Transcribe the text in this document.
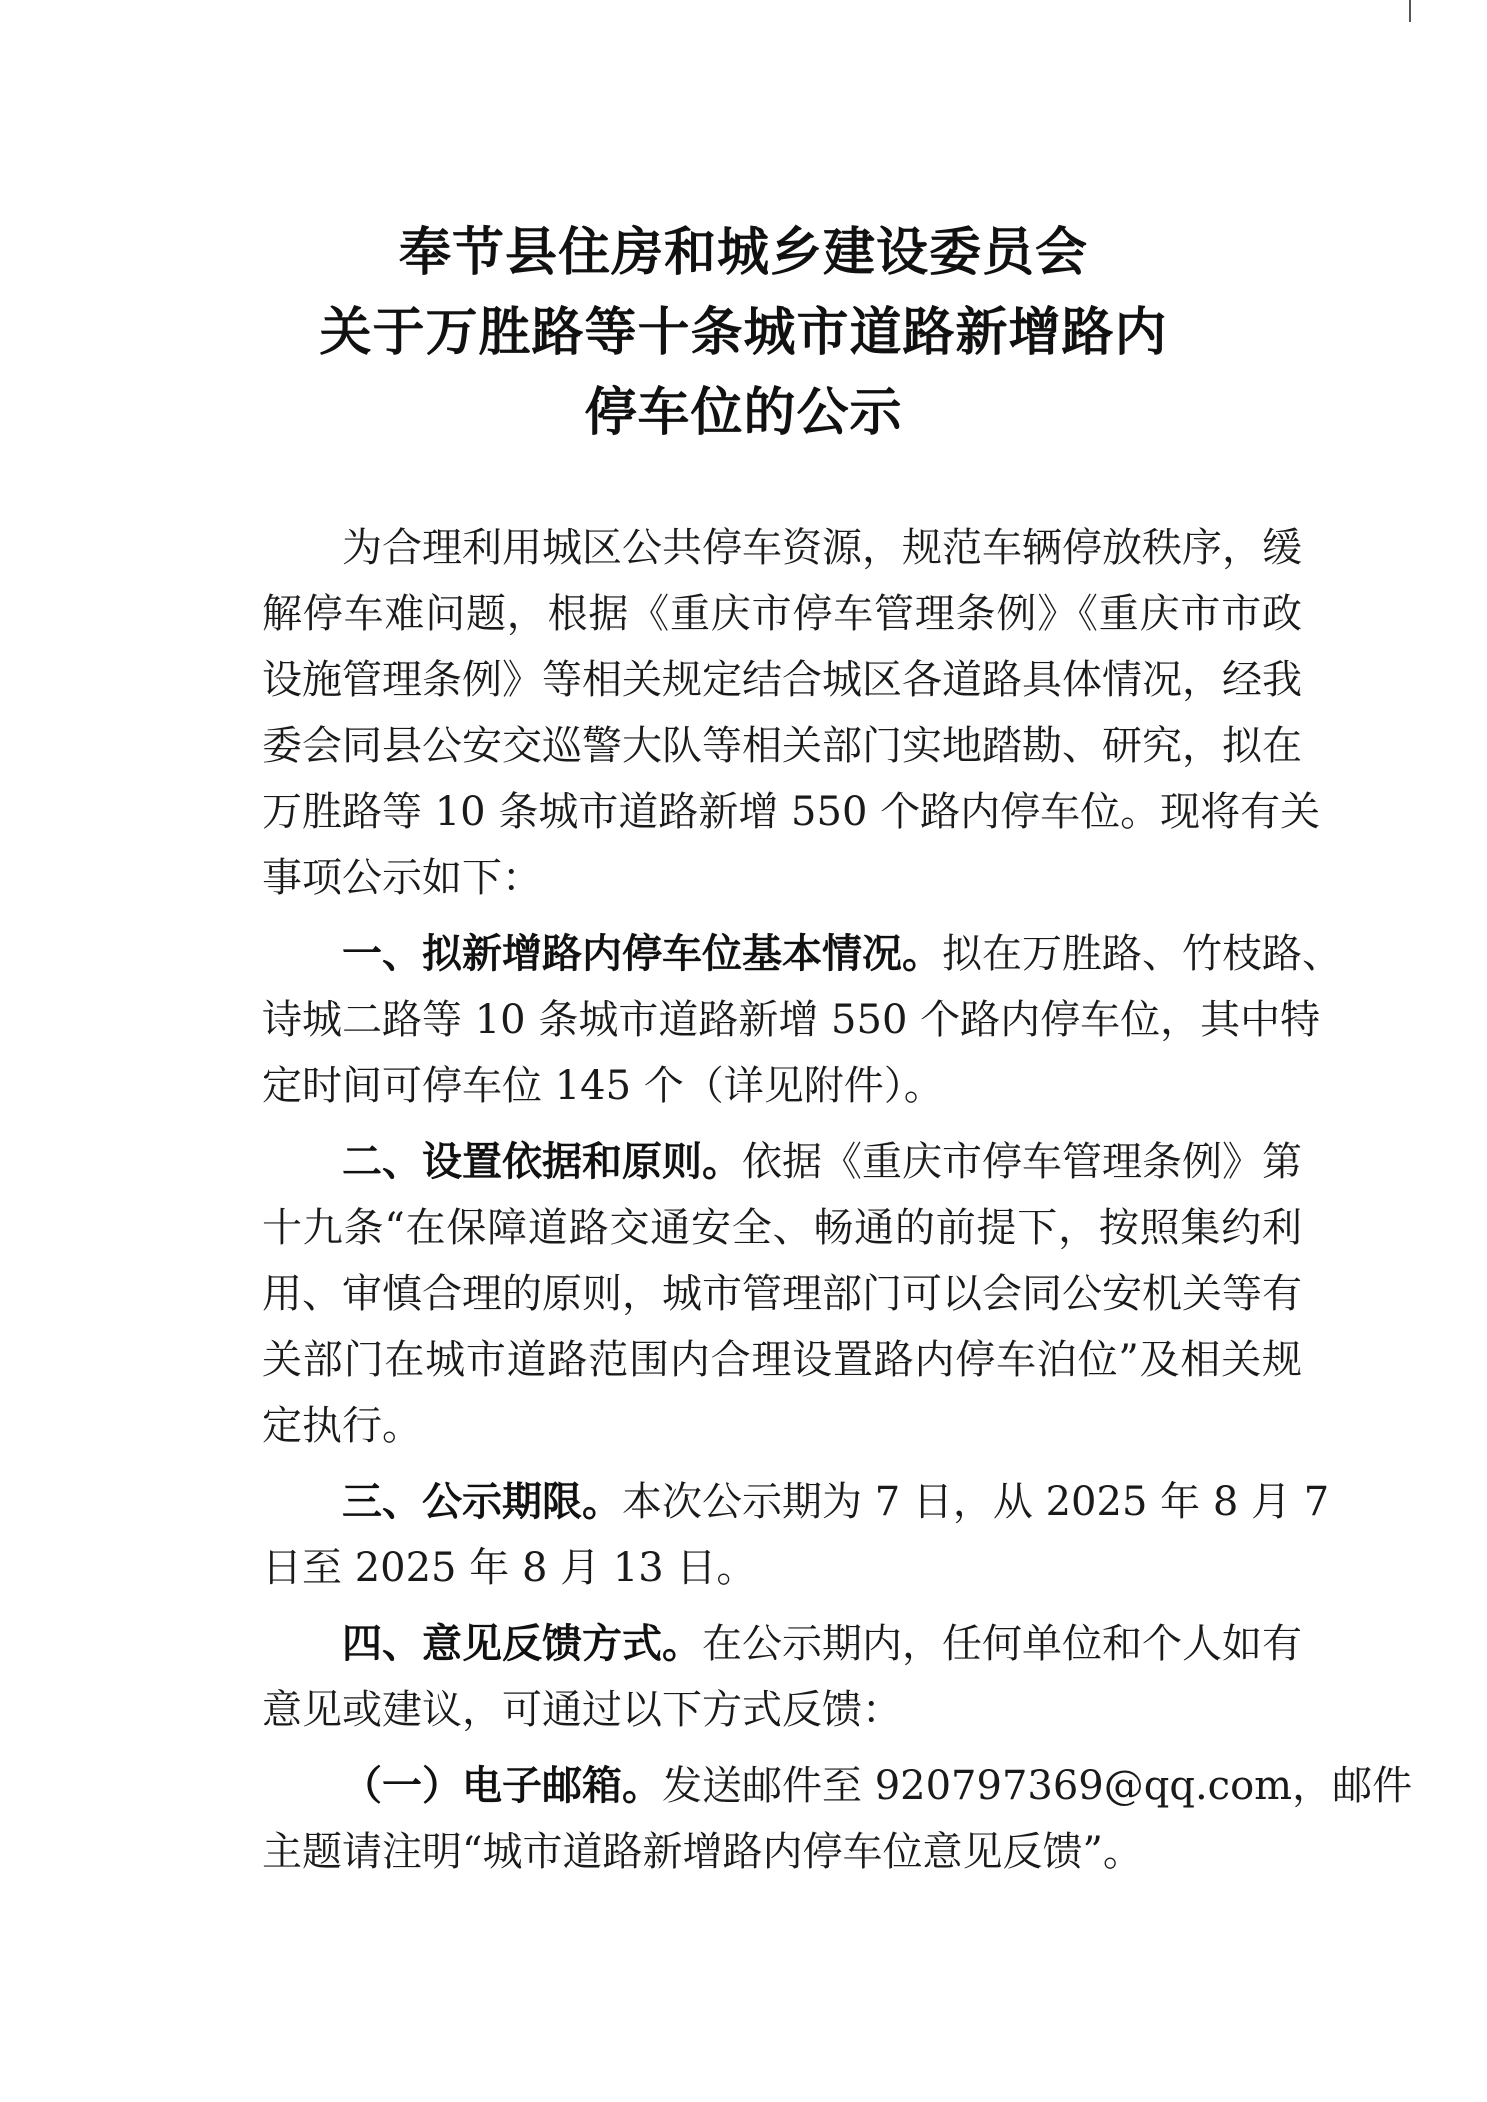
奉节县住房和城乡建设委员会
关于万胜路等十条城市道路新增路内
停车位的公示
为合理利用城区公共停车资源，规范车辆停放秩序，缓
解停车难问题，根据《重庆市停车管理条例》《重庆市市政
设施管理条例》等相关规定结合城区各道路具体情况，经我
委会同县公安交巡警大队等相关部门实地踏勘、研究，拟在
万胜路等 10 条城市道路新增 550 个路内停车位。现将有关
事项公示如下：
一、拟新增路内停车位基本情况。拟在万胜路、竹枝路、
诗城二路等 10 条城市道路新增 550 个路内停车位，其中特
定时间可停车位 145 个（详见附件）。
二、设置依据和原则。依据《重庆市停车管理条例》第
十九条“在保障道路交通安全、畅通的前提下，按照集约利
用、审慎合理的原则，城市管理部门可以会同公安机关等有
关部门在城市道路范围内合理设置路内停车泊位”及相关规
定执行。
三、公示期限。本次公示期为 7 日，从 2025 年 8 月 7
日至 2025 年 8 月 13 日。
四、意见反馈方式。在公示期内，任何单位和个人如有
意见或建议，可通过以下方式反馈：
（一）电子邮箱。发送邮件至 920797369@qq.com，邮件
主题请注明“城市道路新增路内停车位意见反馈”。
